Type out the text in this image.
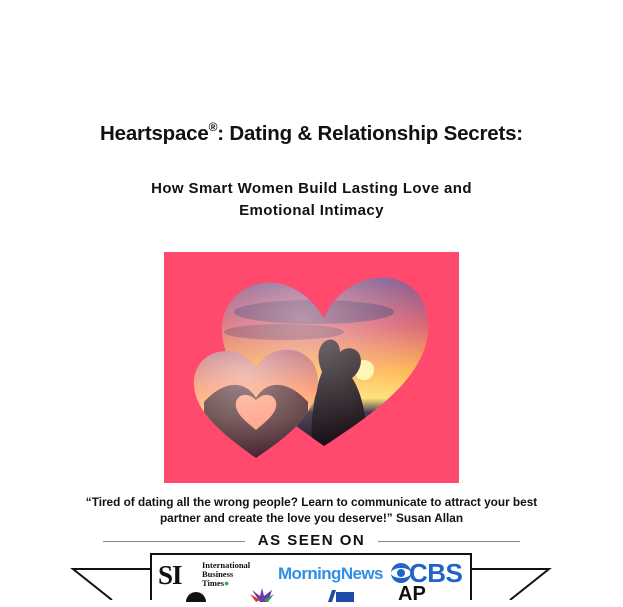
Heartspace®: Dating & Relationship Secrets:
How Smart Women Build Lasting Love and
Emotional Intimacy
“Tired of dating all the wrong people? Learn to communicate to attract your best
partner and create the love you deserve!” Susan Allan
AS SEEN ON
SI International
Business
Times●	MorningNews CBS
AP
